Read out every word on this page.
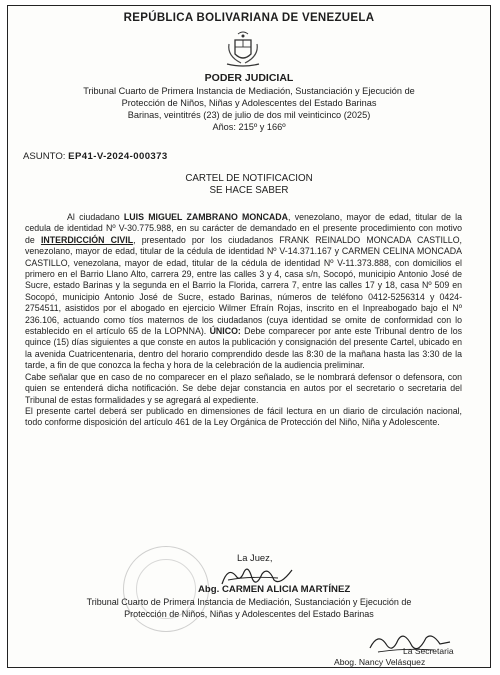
REPÚBLICA BOLIVARIANA DE VENEZUELA
PODER JUDICIAL
Tribunal Cuarto de Primera Instancia de Mediación, Sustanciación y Ejecución de
Protección de Niños, Niñas y Adolescentes del Estado Barinas
Barinas, veintitrés (23) de julio de dos mil veinticinco (2025)
Años: 215º y 166º
ASUNTO: EP41-V-2024-000373
CARTEL DE NOTIFICACION
SE HACE SABER

Al ciudadano LUIS MIGUEL ZAMBRANO MONCADA, venezolano, mayor de edad, titular de la cedula de identidad Nº V-30.775.988, en su carácter de demandado en el presente procedimiento con motivo de INTERDICCIÓN CIVIL, presentado por los ciudadanos FRANK REINALDO MONCADA CASTILLO, venezolano, mayor de edad, titular de la cédula de identidad Nº V-14.371.167 y CARMEN CELINA MONCADA CASTILLO, venezolana, mayor de edad, titular de la cédula de identidad Nº V-11.373.888, con domicilios el primero en el Barrio Llano Alto, carrera 29, entre las calles 3 y 4, casa s/n, Socopó, municipio Antonio José de Sucre, estado Barinas y la segunda en el Barrio la Florida, carrera 7, entre las calles 17 y 18, casa Nº 509 en Socopó, municipio Antonio José de Sucre, estado Barinas, números de teléfono 0412-5256314 y 0424-2754511, asistidos por el abogado en ejercicio Wilmer Efraín Rojas, inscrito en el Inpreabogado bajo el Nº 236.106, actuando como tíos maternos de los ciudadanos (cuya identidad se omite de conformidad con lo establecido en el artículo 65 de la LOPNNA). ÚNICO: Debe comparecer por ante este Tribunal dentro de los quince (15) días siguientes a que conste en autos la publicación y consignación del presente Cartel, ubicado en la avenida Cuatricentenaria, dentro del horario comprendido desde las 8:30 de la mañana hasta las 3:30 de la tarde, a fin de que conozca la fecha y hora de la celebración de la audiencia preliminar.

Cabe señalar que en caso de no comparecer en el plazo señalado, se le nombrará defensor o defensora, con quien se entenderá dicha notificación. Se debe dejar constancia en autos por el secretario o secretaria del Tribunal de estas formalidades y se agregará al expediente.

El presente cartel deberá ser publicado en dimensiones de fácil lectura en un diario de circulación nacional, todo conforme disposición del artículo 461 de la Ley Orgánica de Protección del Niño, Niña y Adolescente.

La Juez,
Abg. CARMEN ALICIA MARTÍNEZ
Tribunal Cuarto de Primera Instancia de Mediación, Sustanciación y Ejecución de
Protección de Niños, Niñas y Adolescentes del Estado Barinas
La Secretaria
Abog. Nancy Velásquez
